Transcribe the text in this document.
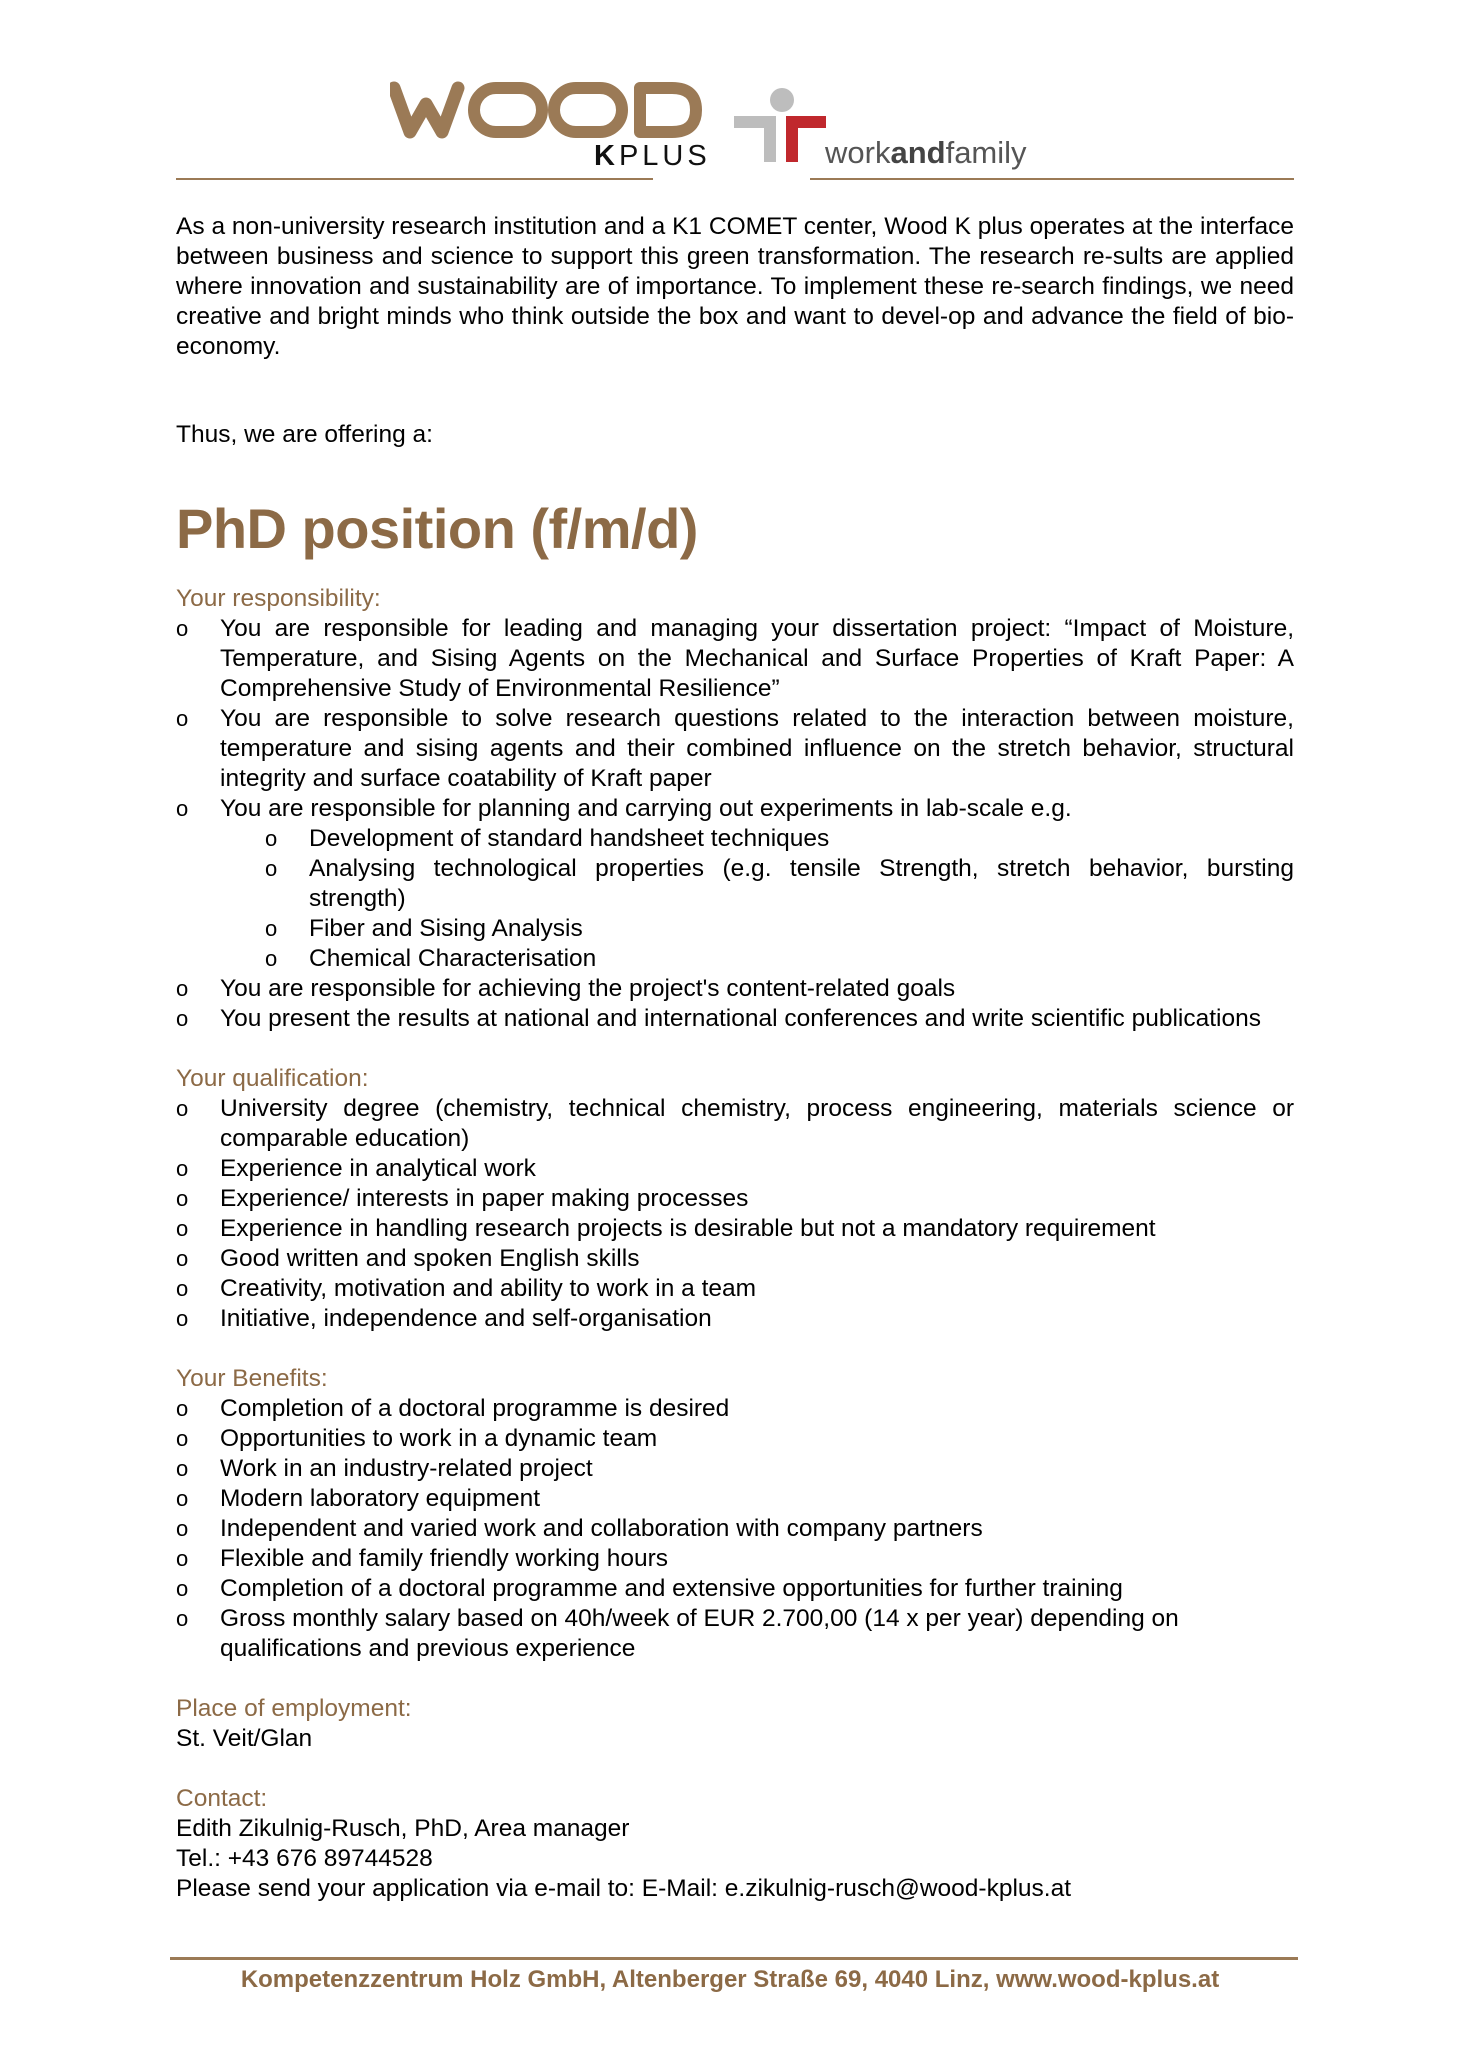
KPLUS	workandfamily

As a non-university research institution and a K1 COMET center, Wood K plus operates at the interface between business and science to support this green transformation. The research re-sults are applied where innovation and sustainability are of importance. To implement these re-search findings, we need creative and bright minds who think outside the box and want to devel-op and advance the field of bio-economy.

Thus, we are offering a:

PhD position (f/m/d)

Your responsibility:

o You are responsible for leading and managing your dissertation project: “Impact of Moisture, Temperature, and Sising Agents on the Mechanical and Surface Properties of Kraft Paper: A Comprehensive Study of Environmental Resilience”
o You are responsible to solve research questions related to the interaction between moisture, temperature and sising agents and their combined influence on the stretch behavior, structural integrity and surface coatability of Kraft paper
o You are responsible for planning and carrying out experiments in lab-scale e.g.
o Development of standard handsheet techniques
o Analysing technological properties (e.g. tensile Strength, stretch behavior, bursting strength)
o Fiber and Sising Analysis
o Chemical Characterisation
o You are responsible for achieving the project's content-related goals
o You present the results at national and international conferences and write scientific publications

Your qualification:

o University degree (chemistry, technical chemistry, process engineering, materials science or comparable education)
o Experience in analytical work
o Experience/ interests in paper making processes
o Experience in handling research projects is desirable but not a mandatory requirement
o Good written and spoken English skills
o Creativity, motivation and ability to work in a team
o Initiative, independence and self-organisation

Your Benefits:

o Completion of a doctoral programme is desired
o Opportunities to work in a dynamic team
o Work in an industry-related project
o Modern laboratory equipment
o Independent and varied work and collaboration with company partners
o Flexible and family friendly working hours
o Completion of a doctoral programme and extensive opportunities for further training
o Gross monthly salary based on 40h/week of EUR 2.700,00 (14 x per year) depending on qualifications and previous experience

Place of employment:

St. Veit/Glan

Contact:

Edith Zikulnig-Rusch, PhD, Area manager

Tel.: +43 676 89744528

Please send your application via e-mail to: E-Mail: e.zikulnig-rusch@wood-kplus.at

Kompetenzzentrum Holz GmbH, Altenberger Straße 69, 4040 Linz, www.wood-kplus.at
